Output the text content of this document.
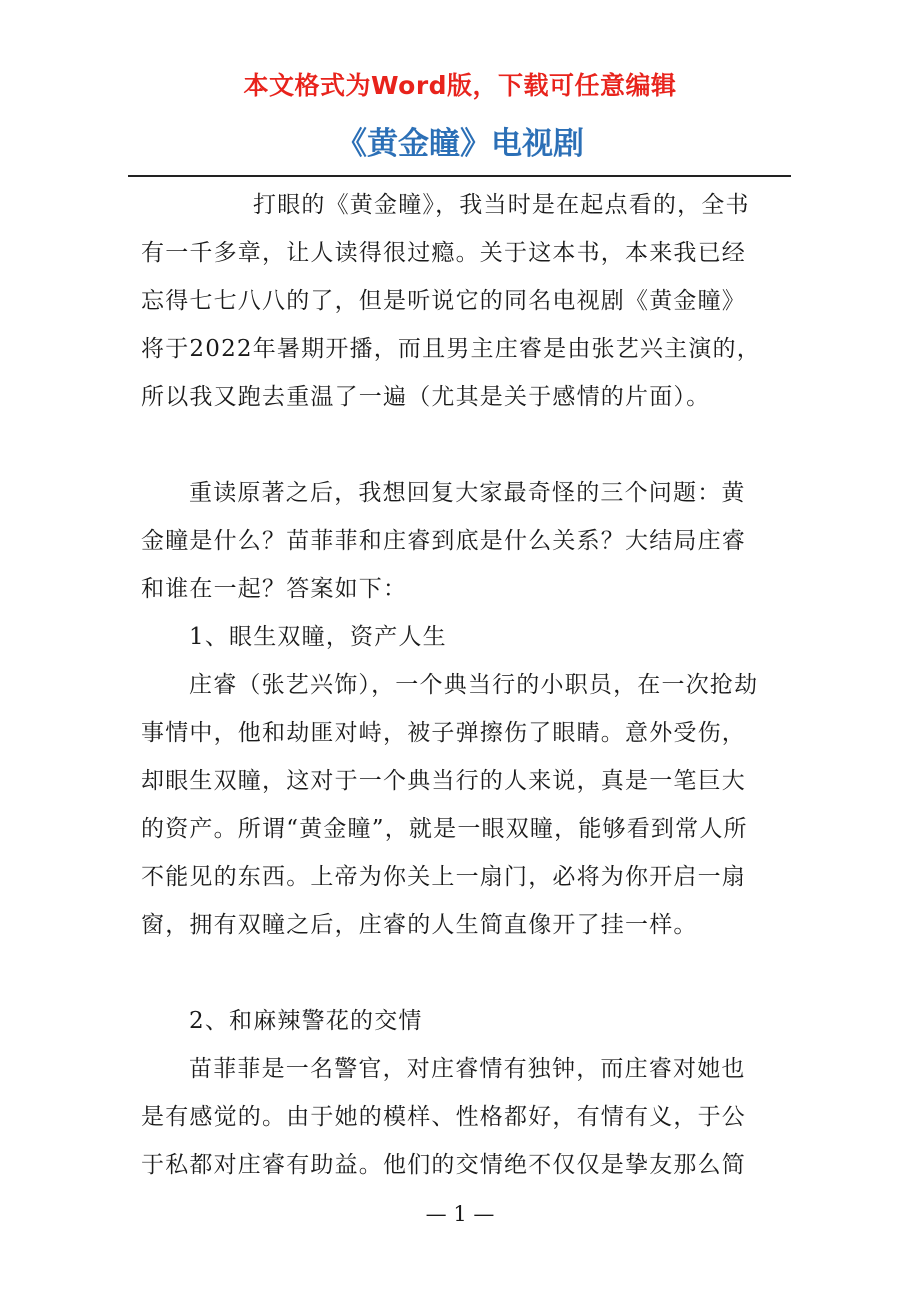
本文格式为Word版，下载可任意编辑
《黄金瞳》电视剧
打眼的《黄金瞳》，我当时是在起点看的，全书
有一千多章，让人读得很过瘾。关于这本书，本来我已经
忘得七七八八的了，但是听说它的同名电视剧《黄金瞳》
将于2022年暑期开播，而且男主庄睿是由张艺兴主演的，
所以我又跑去重温了一遍（尤其是关于感情的片面）。
重读原著之后，我想回复大家最奇怪的三个问题：黄
金瞳是什么？苗菲菲和庄睿到底是什么关系？大结局庄睿
和谁在一起？答案如下：
1、眼生双瞳，资产人生
庄睿（张艺兴饰），一个典当行的小职员，在一次抢劫
事情中，他和劫匪对峙，被子弹擦伤了眼睛。意外受伤，
却眼生双瞳，这对于一个典当行的人来说，真是一笔巨大
的资产。所谓“黄金瞳”，就是一眼双瞳，能够看到常人所
不能见的东西。上帝为你关上一扇门，必将为你开启一扇
窗，拥有双瞳之后，庄睿的人生简直像开了挂一样。
2、和麻辣警花的交情
苗菲菲是一名警官，对庄睿情有独钟，而庄睿对她也
是有感觉的。由于她的模样、性格都好，有情有义，于公
于私都对庄睿有助益。他们的交情绝不仅仅是挚友那么简
— 1 —
